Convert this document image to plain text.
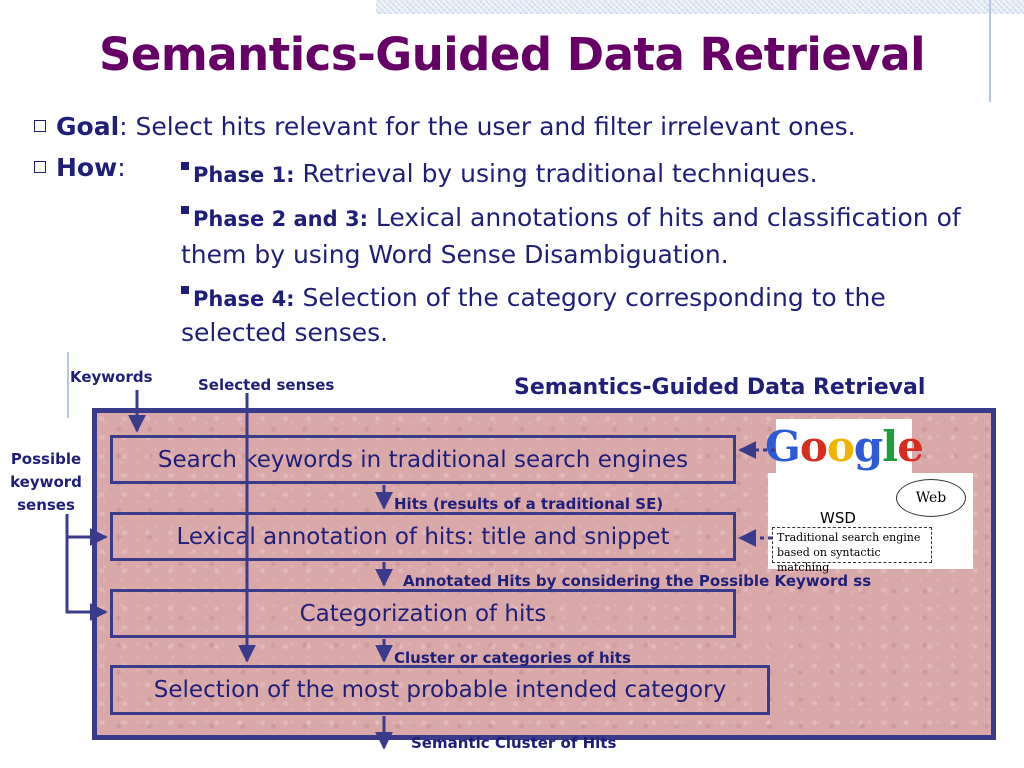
Semantics-Guided Data Retrieval
Goal: Select hits relevant for the user and filter irrelevant ones.
How:	Phase 1: Retrieval by using traditional techniques.
Phase 2 and 3: Lexical annotations of hits and classification of them by using Word Sense Disambiguation.
Phase 4: Selection of the category corresponding to the selected senses.
Keywords	Selected senses
Possible
keyword
senses
Semantics-Guided Data Retrieval
Search keywords in traditional search engines
Lexical annotation of hits: title and snippet
Categorization of hits
Selection of the most probable intended category
Hits (results of a traditional SE)
Annotated Hits by considering the Possible Keyword ss
Cluster or categories of hits
Semantic Cluster of Hits
G o o g l e
Web
WSD
Traditional search engine
based on syntactic matching
